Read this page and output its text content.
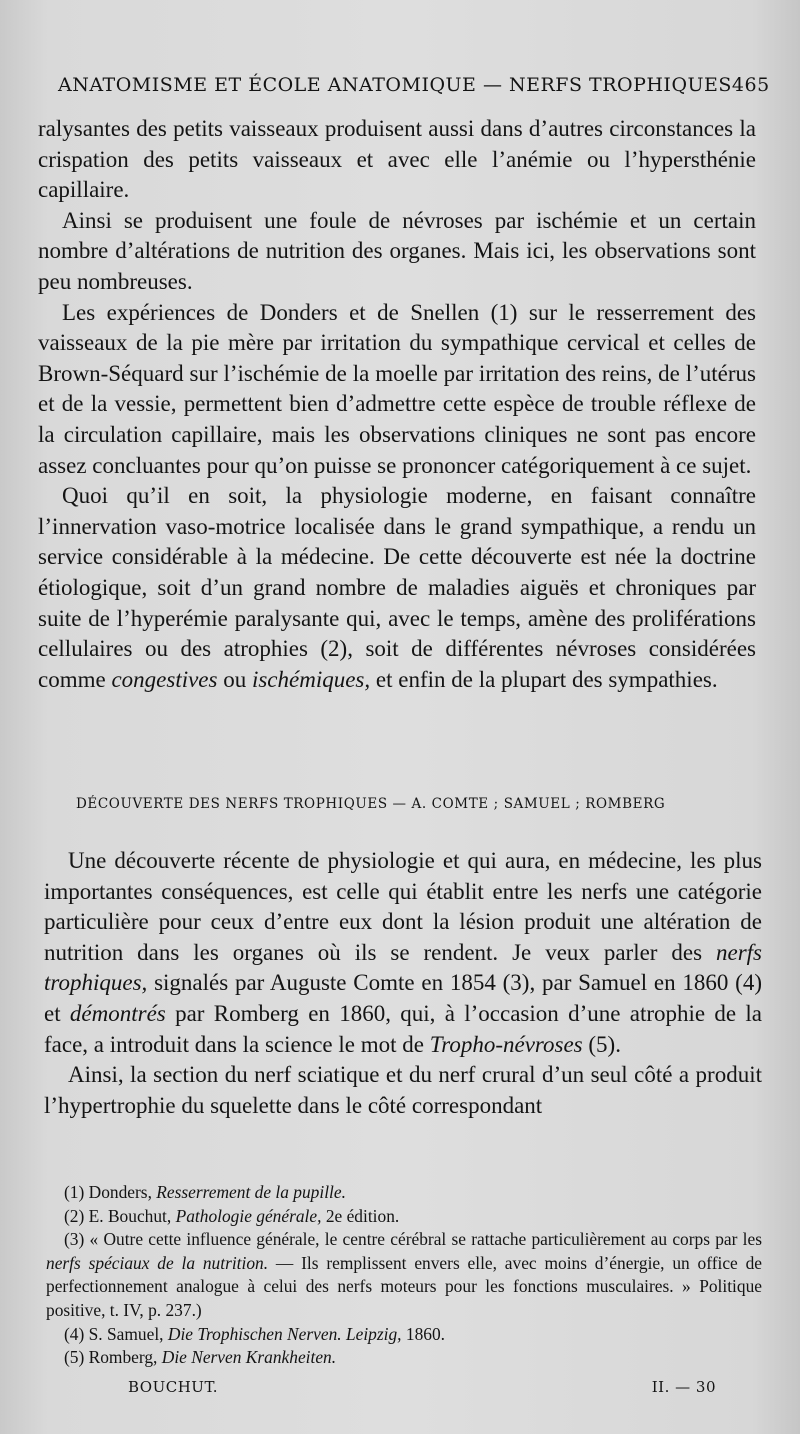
ANATOMISME ET ÉCOLE ANATOMIQUE — NERFS TROPHIQUES 465

ralysantes des petits vaisseaux produisent aussi dans d’autres circonstances la crispation des petits vaisseaux et avec elle l’anémie ou l’hypersthénie capillaire.

Ainsi se produisent une foule de névroses par ischémie et un certain nombre d’altérations de nutrition des organes. Mais ici, les observations sont peu nombreuses.

Les expériences de Donders et de Snellen (1) sur le resserrement des vaisseaux de la pie mère par irritation du sympathique cervical et celles de Brown-Séquard sur l’ischémie de la moelle par irritation des reins, de l’utérus et de la vessie, permettent bien d’admettre cette espèce de trouble réflexe de la circulation capillaire, mais les observations cliniques ne sont pas encore assez concluantes pour qu’on puisse se prononcer catégoriquement à ce sujet.

Quoi qu’il en soit, la physiologie moderne, en faisant connaître l’innervation vaso-motrice localisée dans le grand sympathique, a rendu un service considérable à la médecine. De cette découverte est née la doctrine étiologique, soit d’un grand nombre de maladies aiguës et chroniques par suite de l’hyperémie paralysante qui, avec le temps, amène des proliférations cellulaires ou des atrophies (2), soit de différentes névroses considérées comme congestives ou ischémiques, et enfin de la plupart des sympathies.

DÉCOUVERTE DES NERFS TROPHIQUES — A. COMTE ; SAMUEL ; ROMBERG

Une découverte récente de physiologie et qui aura, en médecine, les plus importantes conséquences, est celle qui établit entre les nerfs une catégorie particulière pour ceux d’entre eux dont la lésion produit une altération de nutrition dans les organes où ils se rendent. Je veux parler des nerfs trophiques, signalés par Auguste Comte en 1854 (3), par Samuel en 1860 (4) et démontrés par Romberg en 1860, qui, à l’occasion d’une atrophie de la face, a introduit dans la science le mot de Tropho-névroses (5).

Ainsi, la section du nerf sciatique et du nerf crural d’un seul côté a produit l’hypertrophie du squelette dans le côté correspondant

(1) Donders, Resserrement de la pupille.

(2) E. Bouchut, Pathologie générale, 2e édition.

(3) « Outre cette influence générale, le centre cérébral se rattache particulièrement au corps par les nerfs spéciaux de la nutrition. — Ils remplissent envers elle, avec moins d’énergie, un office de perfectionnement analogue à celui des nerfs moteurs pour les fonctions musculaires. » Politique positive, t. IV, p. 237.)

(4) S. Samuel, Die Trophischen Nerven. Leipzig, 1860.

(5) Romberg, Die Nerven Krankheiten.

BOUCHUT.	II. — 30
